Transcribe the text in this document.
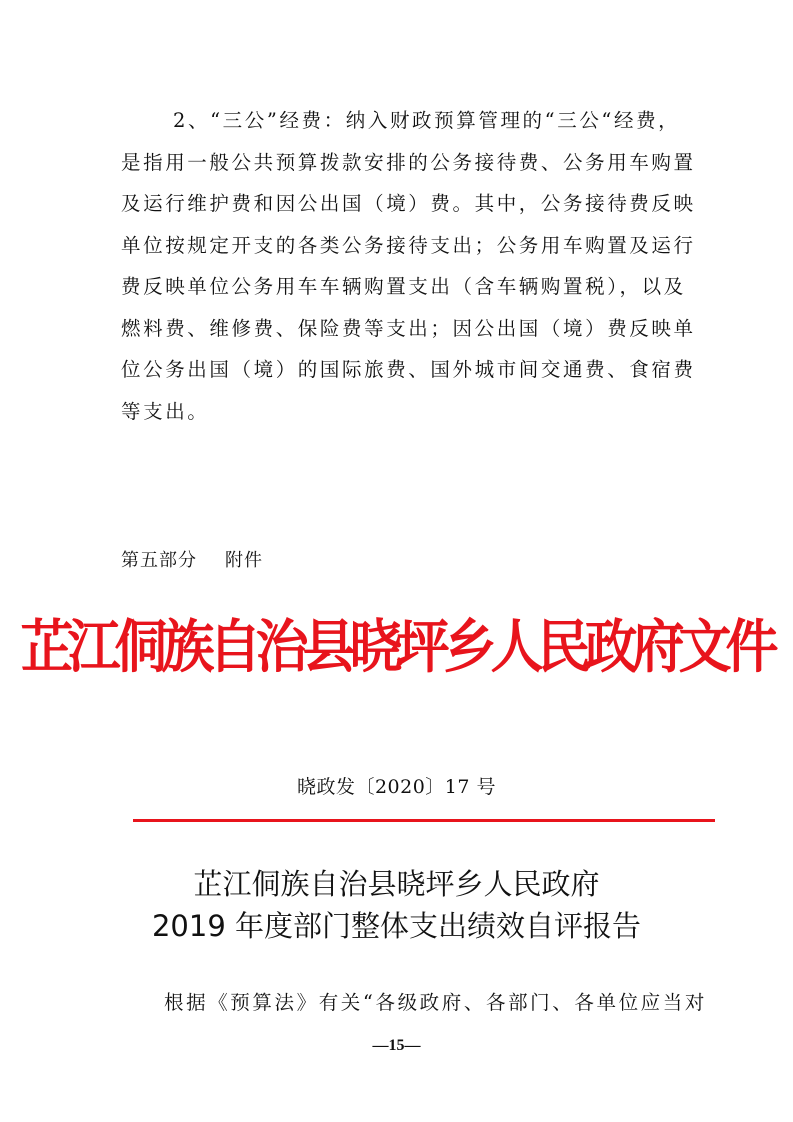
2、“三公”经费：纳入财政预算管理的“三公“经费，
是指用一般公共预算拨款安排的公务接待费、公务用车购置
及运行维护费和因公出国（境）费。其中，公务接待费反映
单位按规定开支的各类公务接待支出；公务用车购置及运行
费反映单位公务用车车辆购置支出（含车辆购置税），以及
燃料费、维修费、保险费等支出；因公出国（境）费反映单
位公务出国（境）的国际旅费、国外城市间交通费、食宿费
等支出。
第五部分 附件
芷江侗族自治县晓坪乡人民政府文件
晓政发〔2020〕17 号
芷江侗族自治县晓坪乡人民政府
2019 年度部门整体支出绩效自评报告
根据《预算法》有关“各级政府、各部门、各单位应当对
—15—
